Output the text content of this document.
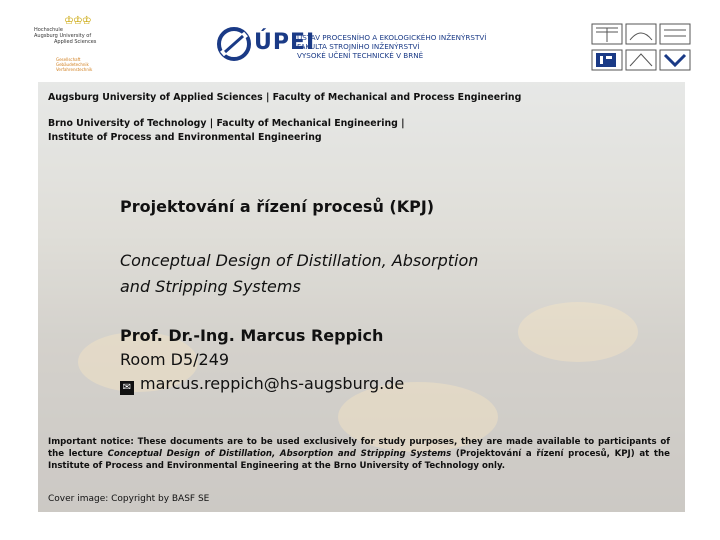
♔♔♔
Hochschule
Augsburg University of
Applied Sciences
Gesellschaft
Gebäudetechnik
Verfahrenstechnik
ÚPEI
ÚSTAV PROCESNÍHO A EKOLOGICKÉHO INŽENÝRSTVÍ
FAKULTA STROJNÍHO INŽENÝRSTVÍ
VYSOKÉ UČENÍ TECHNICKÉ V BRNĚ
Augsburg University of Applied Sciences | Faculty of Mechanical and Process Engineering
Brno University of Technology | Faculty of Mechanical Engineering |
Institute of Process and Environmental Engineering
Projektování a řízení procesů (KPJ)
Conceptual Design of Distillation, Absorption
and Stripping Systems
Prof. Dr.-Ing. Marcus Reppich
Room D5/249
✉ marcus.reppich@hs-augsburg.de
Important notice: These documents are to be used exclusively for study purposes, they are made available to participants of the lecture Conceptual Design of Distillation, Absorption and Stripping Systems (Projektování a řízení procesů, KPJ) at the Institute of Process and Environmental Engineering at the Brno University of Technology only.
Cover image: Copyright by BASF SE
